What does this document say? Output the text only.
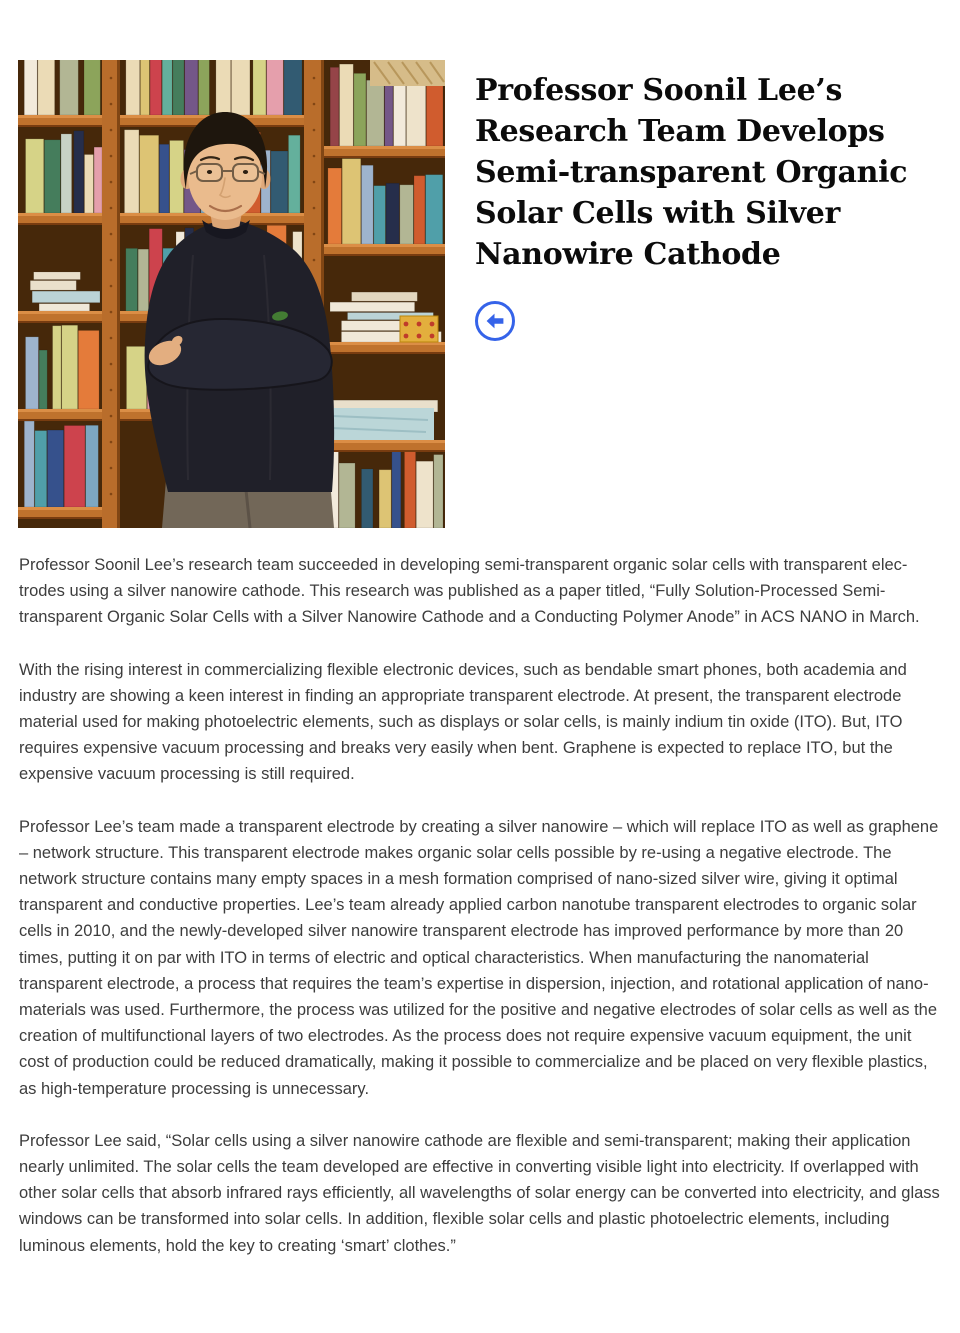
Professor Soonil Lee’s Research Team Develops Semi-transparent Organic Solar Cells with Silver Nanowire Cathode

Professor Soonil Lee’s research team succeeded in developing semi-transparent organic solar cells with transparent electrodes using a silver nanowire cathode. This research was published as a paper titled, “Fully Solution-Processed Semi-transparent Organic Solar Cells with a Silver Nanowire Cathode and a Conducting Polymer Anode” in ACS NANO in March.

With the rising interest in commercializing flexible electronic devices, such as bendable smart phones, both academia and industry are showing a keen interest in finding an appropriate transparent electrode. At present, the transparent electrode material used for making photoelectric elements, such as displays or solar cells, is mainly indium tin oxide (ITO). But, ITO requires expensive vacuum processing and breaks very easily when bent. Graphene is expected to replace ITO, but the expensive vacuum processing is still required.

Professor Lee’s team made a transparent electrode by creating a silver nanowire – which will replace ITO as well as graphene – network structure. This transparent electrode makes organic solar cells possible by re-using a negative electrode. The network structure contains many empty spaces in a mesh formation comprised of nano-sized silver wire, giving it optimal transparent and conductive properties. Lee’s team already applied carbon nanotube transparent electrodes to organic solar cells in 2010, and the newly-developed silver nanowire transparent electrode has improved performance by more than 20 times, putting it on par with ITO in terms of electric and optical characteristics. When manufacturing the nanomaterial transparent electrode, a process that requires the team’s expertise in dispersion, injection, and rotational application of nano-materials was used. Furthermore, the process was utilized for the positive and negative electrodes of solar cells as well as the creation of multifunctional layers of two electrodes. As the process does not require expensive vacuum equipment, the unit cost of production could be reduced dramatically, making it possible to commercialize and be placed on very flexible plastics, as high-temperature processing is unnecessary.

Professor Lee said, “Solar cells using a silver nanowire cathode are flexible and semi-transparent; making their application nearly unlimited. The solar cells the team developed are effective in converting visible light into electricity. If overlapped with other solar cells that absorb infrared rays efficiently, all wavelengths of solar energy can be converted into electricity, and glass windows can be transformed into solar cells. In addition, flexible solar cells and plastic photoelectric elements, including luminous elements, hold the key to creating ‘smart’ clothes.”
